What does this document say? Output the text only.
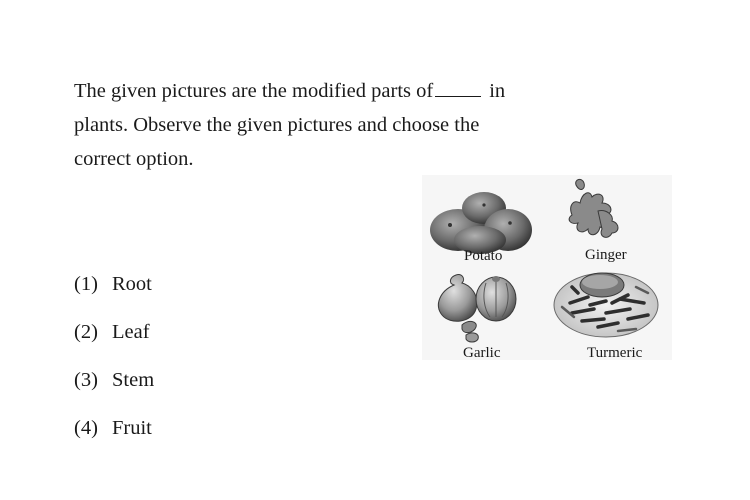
The given pictures are the modified parts of	in
plants. Observe the given pictures and choose the
correct option.
(1) Root
(2) Leaf
(3) Stem
(4) Fruit
Potato	Ginger
Garlic	Turmeric
